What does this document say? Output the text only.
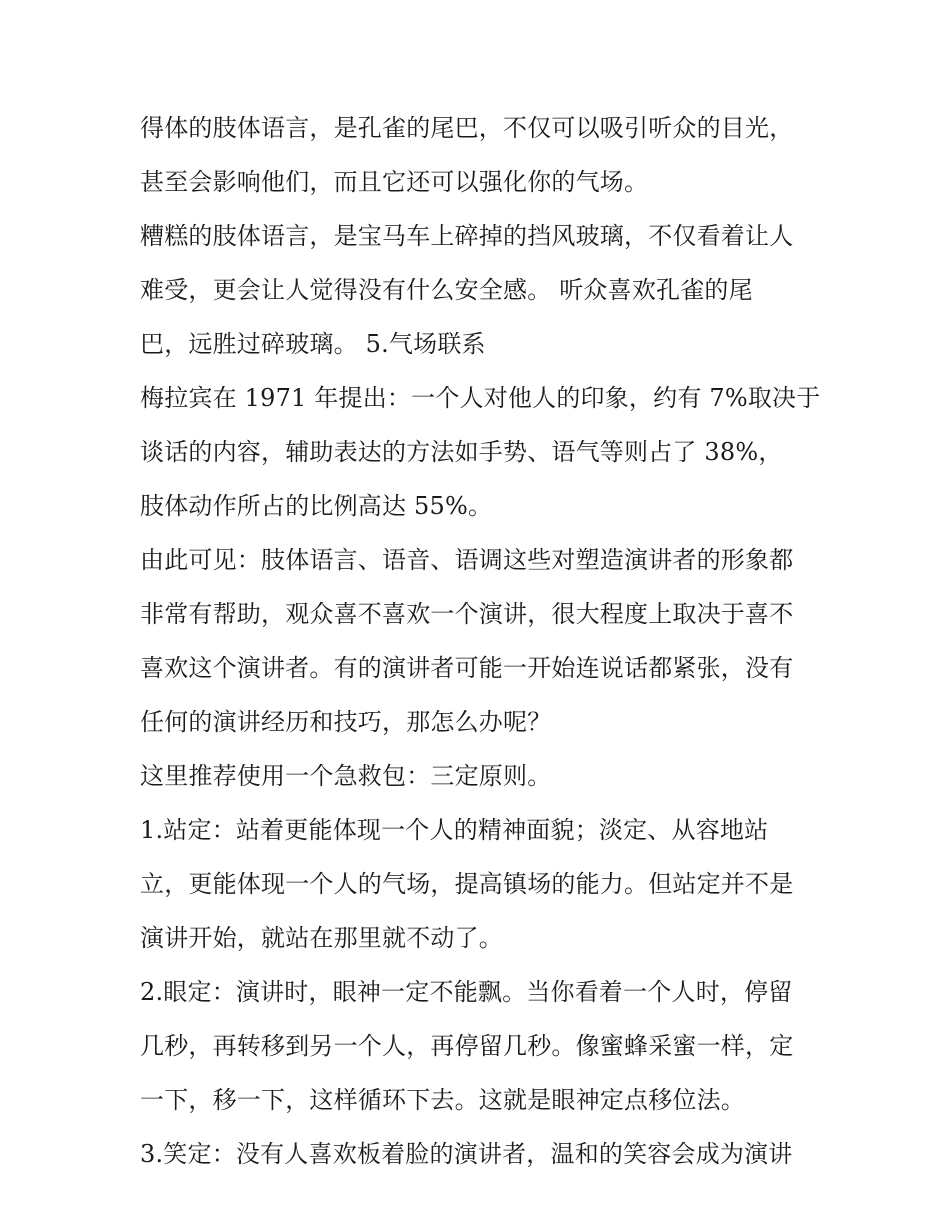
得体的肢体语言，是孔雀的尾巴，不仅可以吸引听众的目光，
甚至会影响他们，而且它还可以强化你的气场。
糟糕的肢体语言，是宝马车上碎掉的挡风玻璃，不仅看着让人
难受，更会让人觉得没有什么安全感。 听众喜欢孔雀的尾
巴，远胜过碎玻璃。 5.气场联系
梅拉宾在 1971 年提出：一个人对他人的印象，约有 7%取决于
谈话的内容，辅助表达的方法如手势、语气等则占了 38%，
肢体动作所占的比例高达 55%。
由此可见：肢体语言、语音、语调这些对塑造演讲者的形象都
非常有帮助，观众喜不喜欢一个演讲，很大程度上取决于喜不
喜欢这个演讲者。有的演讲者可能一开始连说话都紧张，没有
任何的演讲经历和技巧，那怎么办呢？
这里推荐使用一个急救包：三定原则。
1.站定：站着更能体现一个人的精神面貌；淡定、从容地站
立，更能体现一个人的气场，提高镇场的能力。但站定并不是
演讲开始，就站在那里就不动了。
2.眼定：演讲时，眼神一定不能飘。当你看着一个人时，停留
几秒，再转移到另一个人，再停留几秒。像蜜蜂采蜜一样，定
一下，移一下，这样循环下去。这就是眼神定点移位法。
3.笑定：没有人喜欢板着脸的演讲者，温和的笑容会成为演讲
